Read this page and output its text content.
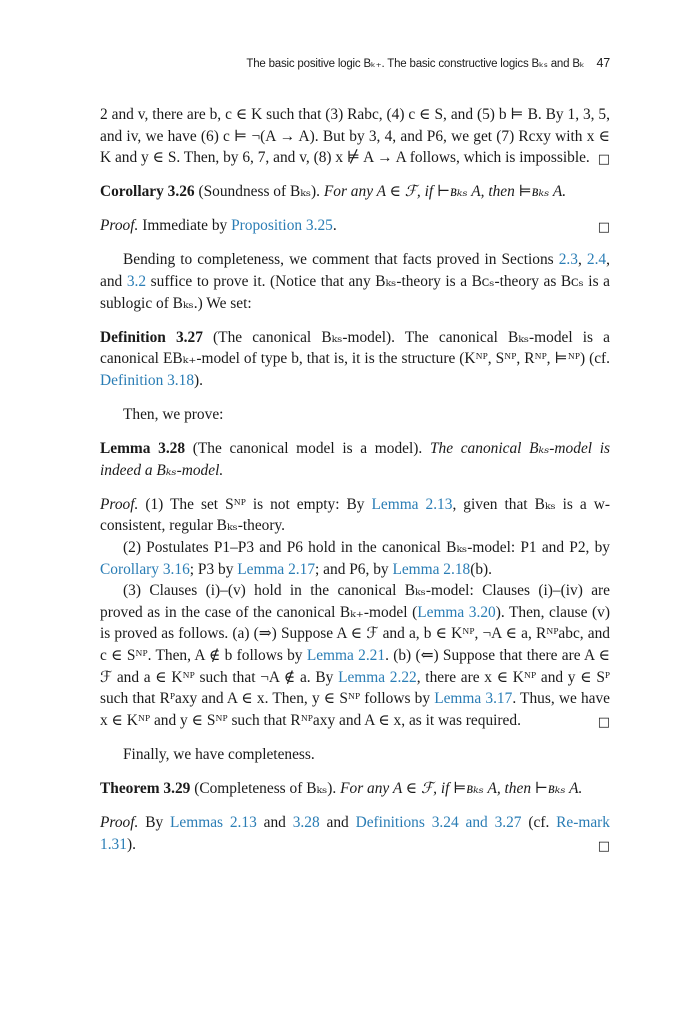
The basic positive logic Bₖ₊. The basic constructive logics Bₖₛ and Bₖ 47

2 and v, there are b, c ∈ K such that (3) Rabc, (4) c ∈ S, and (5) b ⊨ B. By 1, 3, 5, and iv, we have (6) c ⊨ ¬(A → A). But by 3, 4, and P6, we get (7) Rcxy with x ∈ K and y ∈ S. Then, by 6, 7, and v, (8) x ⊭ A → A follows, which is impossible. □

Corollary 3.26 (Soundness of Bₖₛ). For any A ∈ ℱ, if ⊢ʙₖₛ A, then ⊨ʙₖₛ A.

Proof. Immediate by Proposition 3.25.	□

Bending to completeness, we comment that facts proved in Sections 2.3, 2.4, and 3.2 suffice to prove it. (Notice that any Bₖₛ-theory is a Bᴄₛ-theory as Bᴄₛ is a sublogic of Bₖₛ.) We set:

Definition 3.27 (The canonical Bₖₛ-model). The canonical Bₖₛ-model is a canonical EBₖ₊-model of type b, that is, it is the structure (Kᴺᴾ, Sᴺᴾ, Rᴺᴾ, ⊨ᴺᴾ) (cf. Definition 3.18).

Then, we prove:

Lemma 3.28 (The canonical model is a model). The canonical Bₖₛ-model is indeed a Bₖₛ-model.

Proof. (1) The set Sᴺᴾ is not empty: By Lemma 2.13, given that Bₖₛ is a w-consistent, regular Bₖₛ-theory.

(2) Postulates P1–P3 and P6 hold in the canonical Bₖₛ-model: P1 and P2, by Corollary 3.16; P3 by Lemma 2.17; and P6, by Lemma 2.18(b).

(3) Clauses (i)–(v) hold in the canonical Bₖₛ-model: Clauses (i)–(iv) are proved as in the case of the canonical Bₖ₊-model (Lemma 3.20). Then, clause (v) is proved as follows. (a) (⇒) Suppose A ∈ ℱ and a, b ∈ Kᴺᴾ, ¬A ∈ a, Rᴺᴾabc, and c ∈ Sᴺᴾ. Then, A ∉ b follows by Lemma 2.21. (b) (⇐) Suppose that there are A ∈ ℱ and a ∈ Kᴺᴾ such that ¬A ∉ a. By Lemma 2.22, there are x ∈ Kᴺᴾ and y ∈ Sᴾ such that Rᴾaxy and A ∈ x. Then, y ∈ Sᴺᴾ follows by Lemma 3.17. Thus, we have x ∈ Kᴺᴾ and y ∈ Sᴺᴾ such that Rᴺᴾaxy and A ∈ x, as it was required.	□

Finally, we have completeness.

Theorem 3.29 (Completeness of Bₖₛ). For any A ∈ ℱ, if ⊨ʙₖₛ A, then ⊢ʙₖₛ A.

Proof. By Lemmas 2.13 and 3.28 and Definitions 3.24 and 3.27 (cf. Re-mark 1.31).	□
